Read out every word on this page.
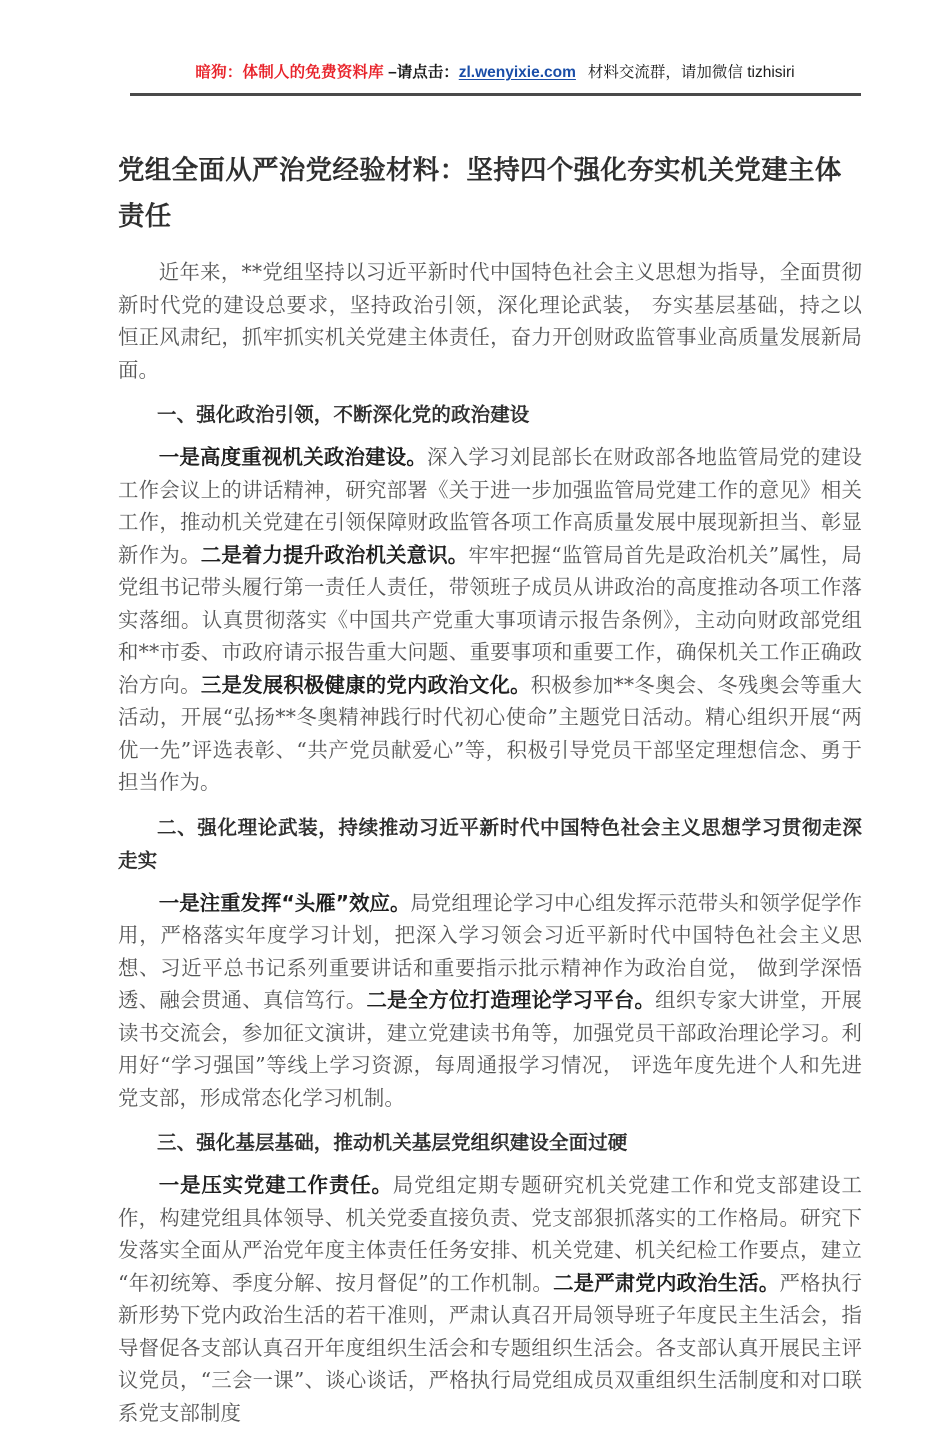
暗狗：体制人的免费资料库 –请点击：zl.wenyixie.com 材料交流群，请加微信 tizhisiri
党组全面从严治党经验材料：坚持四个强化夯实机关党建主体责任

近年来，**党组坚持以习近平新时代中国特色社会主义思想为指导，全面贯彻新时代党的建设总要求，坚持政治引领，深化理论武装， 夯实基层基础，持之以恒正风肃纪，抓牢抓实机关党建主体责任，奋力开创财政监管事业高质量发展新局面。

一、强化政治引领，不断深化党的政治建设

一是高度重视机关政治建设。深入学习刘昆部长在财政部各地监管局党的建设工作会议上的讲话精神，研究部署《关于进一步加强监管局党建工作的意见》相关工作，推动机关党建在引领保障财政监管各项工作高质量发展中展现新担当、彰显新作为。二是着力提升政治机关意识。牢牢把握“监管局首先是政治机关”属性，局党组书记带头履行第一责任人责任，带领班子成员从讲政治的高度推动各项工作落实落细。认真贯彻落实《中国共产党重大事项请示报告条例》，主动向财政部党组和**市委、市政府请示报告重大问题、重要事项和重要工作，确保机关工作正确政治方向。三是发展积极健康的党内政治文化。积极参加**冬奥会、冬残奥会等重大活动，开展“弘扬**冬奥精神践行时代初心使命”主题党日活动。精心组织开展“两优一先”评选表彰、“共产党员献爱心”等，积极引导党员干部坚定理想信念、勇于担当作为。

二、强化理论武装，持续推动习近平新时代中国特色社会主义思想学习贯彻走深走实

一是注重发挥“头雁”效应。局党组理论学习中心组发挥示范带头和领学促学作用，严格落实年度学习计划，把深入学习领会习近平新时代中国特色社会主义思想、习近平总书记系列重要讲话和重要指示批示精神作为政治自觉， 做到学深悟透、融会贯通、真信笃行。二是全方位打造理论学习平台。组织专家大讲堂，开展读书交流会，参加征文演讲，建立党建读书角等，加强党员干部政治理论学习。利用好“学习强国”等线上学习资源，每周通报学习情况， 评选年度先进个人和先进党支部，形成常态化学习机制。

三、强化基层基础，推动机关基层党组织建设全面过硬

一是压实党建工作责任。局党组定期专题研究机关党建工作和党支部建设工作，构建党组具体领导、机关党委直接负责、党支部狠抓落实的工作格局。研究下发落实全面从严治党年度主体责任任务安排、机关党建、机关纪检工作要点，建立“年初统筹、季度分解、按月督促”的工作机制。二是严肃党内政治生活。严格执行新形势下党内政治生活的若干准则，严肃认真召开局领导班子年度民主生活会，指导督促各支部认真召开年度组织生活会和专题组织生活会。各支部认真开展民主评议党员，“三会一课”、谈心谈话，严格执行局党组成员双重组织生活制度和对口联系党支部制度
